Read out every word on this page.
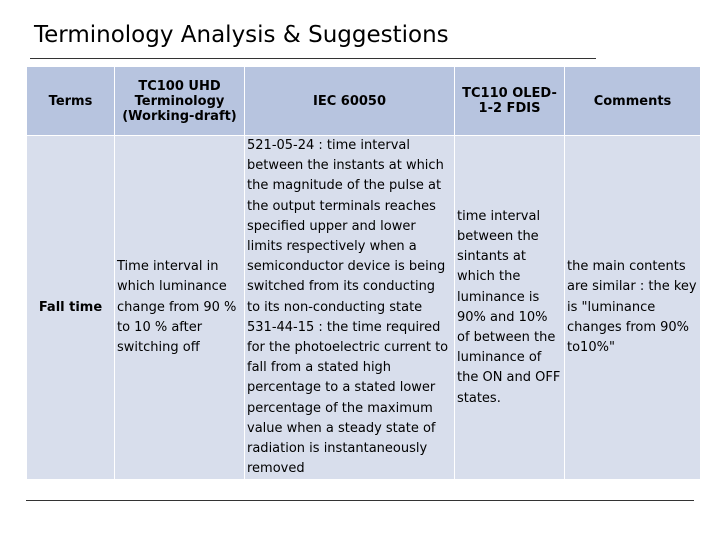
Terminology Analysis & Suggestions
Terms	TC100 UHD Terminology (Working-draft)	IEC 60050	TC110 OLED-1-2 FDIS	Comments
Fall time	Time interval in which luminance change from 90 % to 10 % after switching off	521-05-24 : time interval between the instants at which the magnitude of the pulse at the output terminals reaches specified upper and lower limits respectively when a semiconductor device is being switched from its conducting to its non-conducting state 531-44-15 : the time required for the photoelectric current to fall from a stated high percentage to a stated lower percentage of the maximum value when a steady state of radiation is instantaneously removed	time interval between the sintants at which the luminance is 90% and 10% of between the luminance of the ON and OFF states.	the main contents are similar : the key is "luminance changes from 90% to10%"
